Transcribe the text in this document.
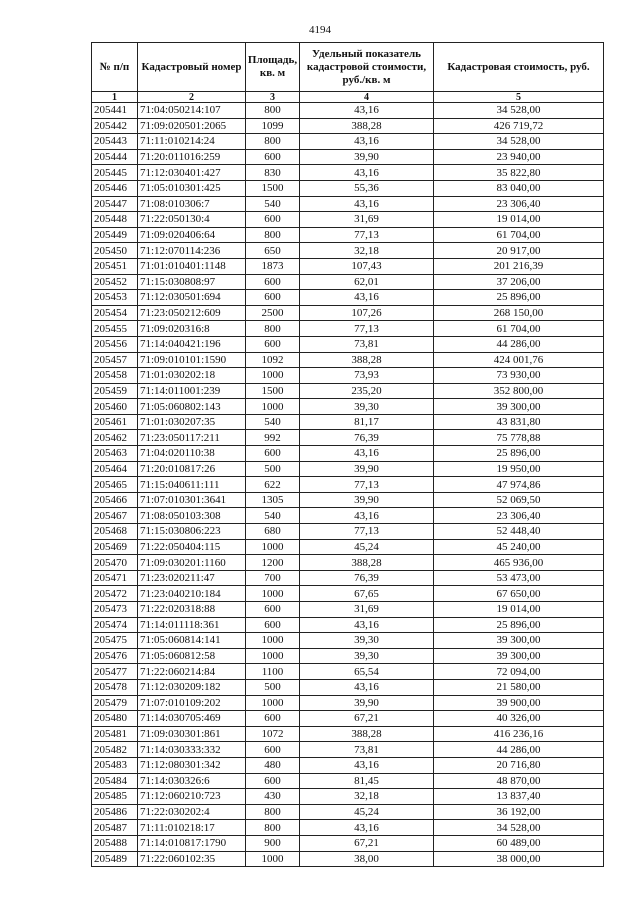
4194
№ п/п	Кадастровый номер	Площадь, кв. м	Удельный показатель кадастровой стоимости, руб./кв. м	Кадастровая стоимость, руб.
1	2	3	4	5
205441	71:04:050214:107	800	43,16	34 528,00
205442	71:09:020501:2065	1099	388,28	426 719,72
205443	71:11:010214:24	800	43,16	34 528,00
205444	71:20:011016:259	600	39,90	23 940,00
205445	71:12:030401:427	830	43,16	35 822,80
205446	71:05:010301:425	1500	55,36	83 040,00
205447	71:08:010306:7	540	43,16	23 306,40
205448	71:22:050130:4	600	31,69	19 014,00
205449	71:09:020406:64	800	77,13	61 704,00
205450	71:12:070114:236	650	32,18	20 917,00
205451	71:01:010401:1148	1873	107,43	201 216,39
205452	71:15:030808:97	600	62,01	37 206,00
205453	71:12:030501:694	600	43,16	25 896,00
205454	71:23:050212:609	2500	107,26	268 150,00
205455	71:09:020316:8	800	77,13	61 704,00
205456	71:14:040421:196	600	73,81	44 286,00
205457	71:09:010101:1590	1092	388,28	424 001,76
205458	71:01:030202:18	1000	73,93	73 930,00
205459	71:14:011001:239	1500	235,20	352 800,00
205460	71:05:060802:143	1000	39,30	39 300,00
205461	71:01:030207:35	540	81,17	43 831,80
205462	71:23:050117:211	992	76,39	75 778,88
205463	71:04:020110:38	600	43,16	25 896,00
205464	71:20:010817:26	500	39,90	19 950,00
205465	71:15:040611:111	622	77,13	47 974,86
205466	71:07:010301:3641	1305	39,90	52 069,50
205467	71:08:050103:308	540	43,16	23 306,40
205468	71:15:030806:223	680	77,13	52 448,40
205469	71:22:050404:115	1000	45,24	45 240,00
205470	71:09:030201:1160	1200	388,28	465 936,00
205471	71:23:020211:47	700	76,39	53 473,00
205472	71:23:040210:184	1000	67,65	67 650,00
205473	71:22:020318:88	600	31,69	19 014,00
205474	71:14:011118:361	600	43,16	25 896,00
205475	71:05:060814:141	1000	39,30	39 300,00
205476	71:05:060812:58	1000	39,30	39 300,00
205477	71:22:060214:84	1100	65,54	72 094,00
205478	71:12:030209:182	500	43,16	21 580,00
205479	71:07:010109:202	1000	39,90	39 900,00
205480	71:14:030705:469	600	67,21	40 326,00
205481	71:09:030301:861	1072	388,28	416 236,16
205482	71:14:030333:332	600	73,81	44 286,00
205483	71:12:080301:342	480	43,16	20 716,80
205484	71:14:030326:6	600	81,45	48 870,00
205485	71:12:060210:723	430	32,18	13 837,40
205486	71:22:030202:4	800	45,24	36 192,00
205487	71:11:010218:17	800	43,16	34 528,00
205488	71:14:010817:1790	900	67,21	60 489,00
205489	71:22:060102:35	1000	38,00	38 000,00
